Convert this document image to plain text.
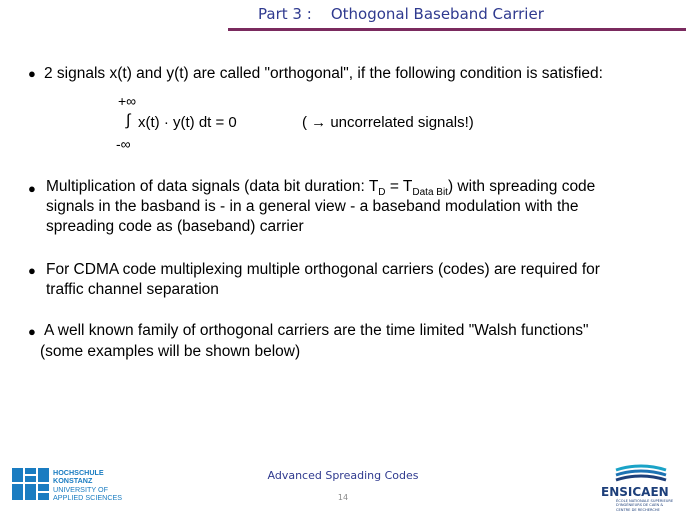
Part 3 :    Othogonal Baseband Carrier
● 2 signals x(t) and y(t) are called "orthogonal", if the following condition is satisfied:
+∞
∫ x(t) · y(t) dt = 0	( → uncorrelated signals!)
-∞
● Multiplication of data signals (data bit duration: $T_D = T_{Data Bit}$) with spreading code
signals in the basband is - in a general view - a baseband modulation with the
spreading code as (baseband) carrier
● For CDMA code multiplexing multiple orthogonal carriers (codes) are required for
traffic channel separation
● A well known family of orthogonal carriers are the time limited "Walsh functions"
(some examples will be shown below)
Advanced Spreading Codes
14
HOCHSCHULE
KONSTANZ
UNIVERSITY OF
APPLIED SCIENCES	ENSICAEN
ÉCOLE NATIONALE SUPÉRIEURE D'INGÉNIEURS DE CAEN & CENTRE DE RECHERCHE
